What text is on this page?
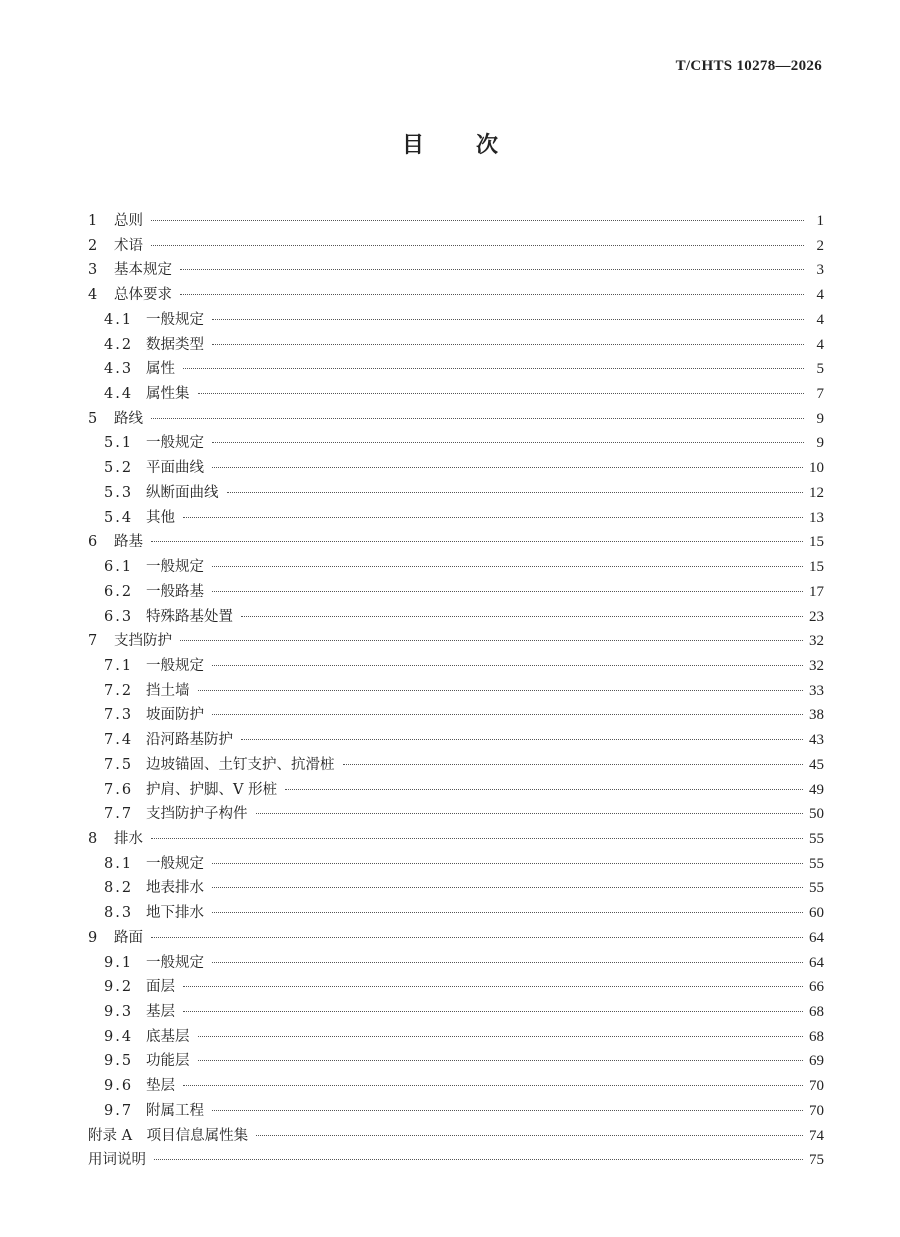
T/CHTS 10278—2026
目次
1	总则	1
2	术语	2
3	基本规定	3
4	总体要求	4
4.1 一般规定	4
4.2 数据类型	4
4.3 属性	5
4.4 属性集	7
5	路线	9
5.1 一般规定	9
5.2 平面曲线	10
5.3 纵断面曲线	12
5.4 其他	13
6	路基	15
6.1 一般规定	15
6.2 一般路基	17
6.3 特殊路基处置	23
7	支挡防护	32
7.1 一般规定	32
7.2 挡土墙	33
7.3 坡面防护	38
7.4 沿河路基防护	43
7.5 边坡锚固、土钉支护、抗滑桩	45
7.6 护肩、护脚、V 形桩	49
7.7 支挡防护子构件	50
8	排水	55
8.1 一般规定	55
8.2 地表排水	55
8.3 地下排水	60
9	路面	64
9.1 一般规定	64
9.2 面层	66
9.3 基层	68
9.4 底基层	68
9.5 功能层	69
9.6 垫层	70
9.7 附属工程	70
附录 A　项目信息属性集	74
用词说明	75
